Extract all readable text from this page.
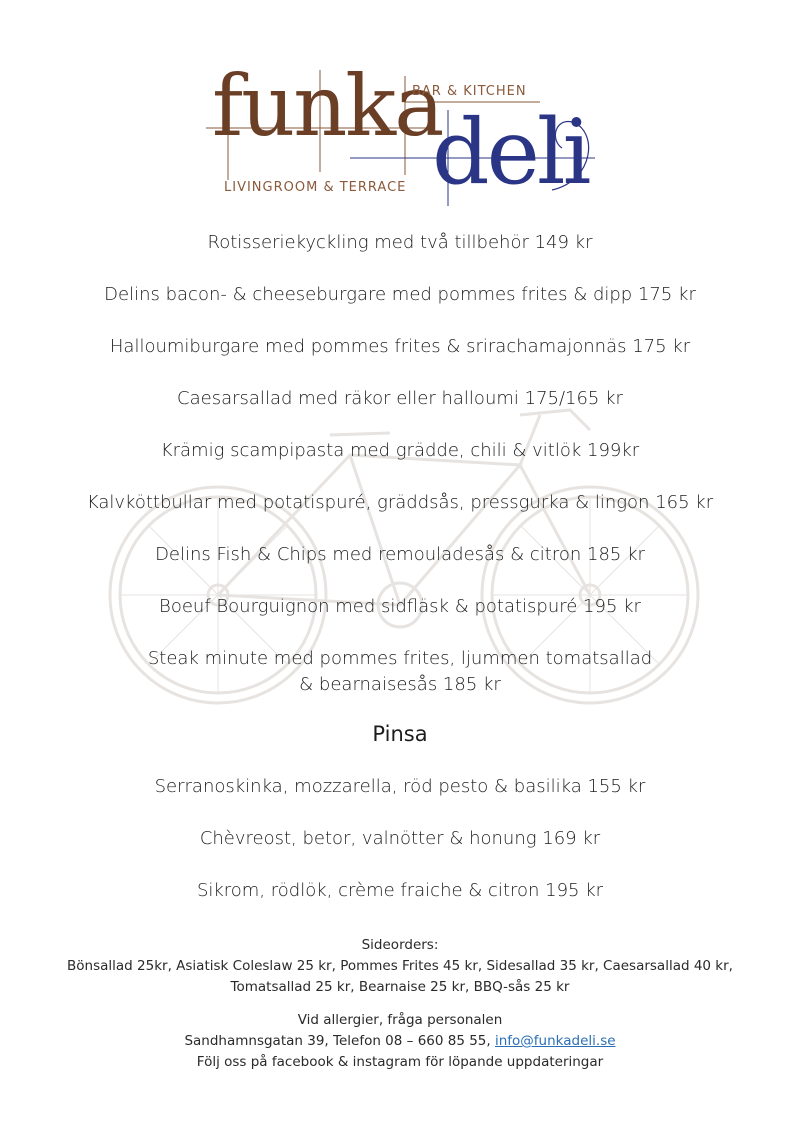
funka
deli
BAR & KITCHEN
LIVINGROOM & TERRACE
Rotisseriekyckling med två tillbehör 149 kr
Delins bacon- & cheeseburgare med pommes frites & dipp 175 kr
Halloumiburgare med pommes frites & srirachamajonnäs 175 kr
Caesarsallad med räkor eller halloumi 175/165 kr
Krämig scampipasta med grädde, chili & vitlök 199kr
Kalvköttbullar med potatispuré, gräddsås, pressgurka & lingon 165 kr
Delins Fish & Chips med remouladesås & citron 185 kr
Boeuf Bourguignon med sidfläsk & potatispuré 195 kr
Steak minute med pommes frites, ljummen tomatsallad
& bearnaisesås 185 kr
Pinsa
Serranoskinka, mozzarella, röd pesto & basilika 155 kr
Chèvreost, betor, valnötter & honung 169 kr
Sikrom, rödlök, crème fraiche & citron 195 kr
Sideorders:
Bönsallad 25kr, Asiatisk Coleslaw 25 kr, Pommes Frites 45 kr, Sidesallad 35 kr, Caesarsallad 40 kr,
Tomatsallad 25 kr, Bearnaise 25 kr, BBQ-sås 25 kr
Vid allergier, fråga personalen
Sandhamnsgatan 39, Telefon 08 – 660 85 55, info@funkadeli.se
Följ oss på facebook & instagram för löpande uppdateringar
